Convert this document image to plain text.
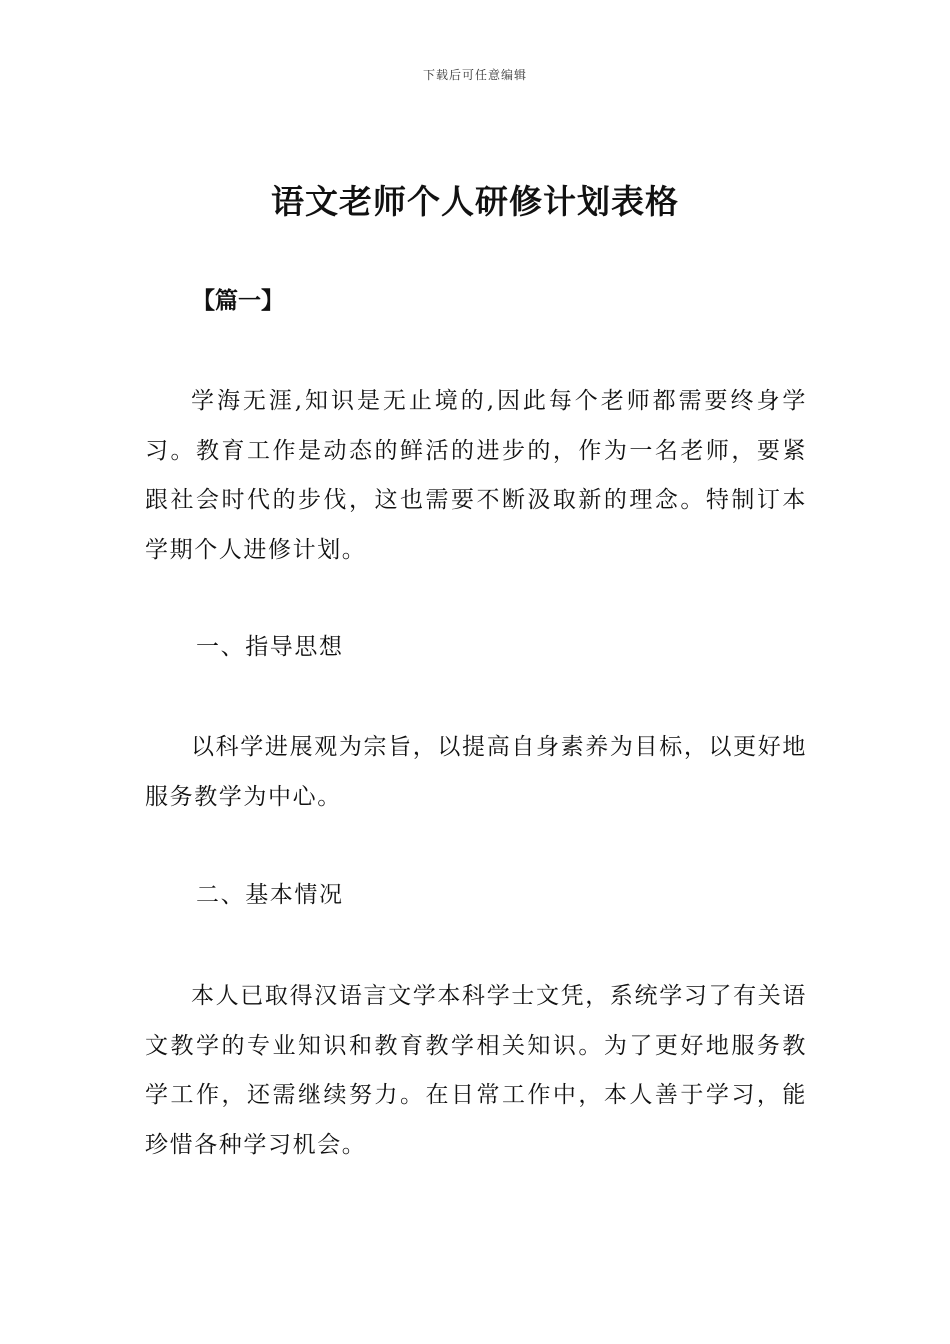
下载后可任意编辑
语文老师个人研修计划表格
【篇一】

学海无涯,知识是无止境的,因此每个老师都需要终身学习。教育工作是动态的鲜活的进步的，作为一名老师，要紧跟社会时代的步伐，这也需要不断汲取新的理念。特制订本学期个人进修计划。

一、指导思想

以科学进展观为宗旨，以提高自身素养为目标，以更好地服务教学为中心。

二、基本情况

本人已取得汉语言文学本科学士文凭，系统学习了有关语文教学的专业知识和教育教学相关知识。为了更好地服务教学工作，还需继续努力。在日常工作中，本人善于学习，能珍惜各种学习机会。
